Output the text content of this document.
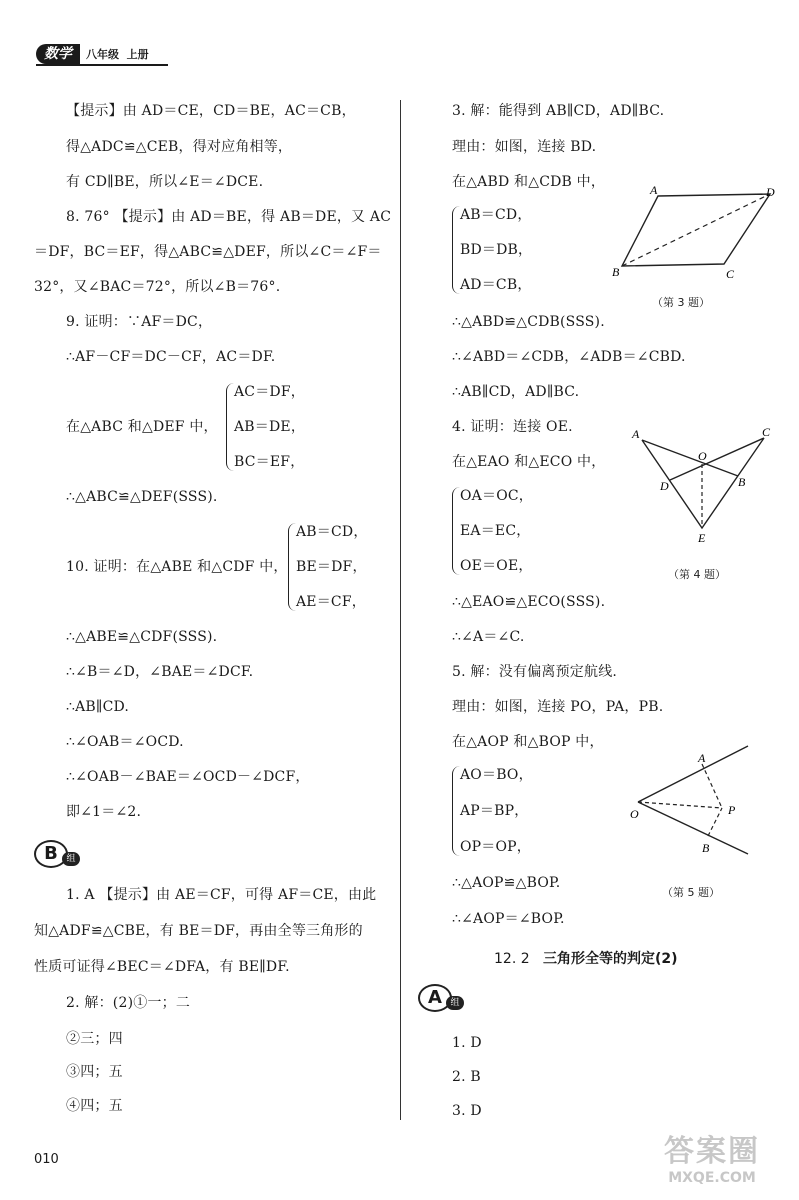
数学	八年级  上册
【提示】由 AD＝CE，CD＝BE，AC＝CB，
得△ADC≌△CEB，得对应角相等，
有 CD∥BE，所以∠E＝∠DCE.
8. 76° 【提示】由 AD＝BE，得 AB＝DE，又 AC
＝DF，BC＝EF，得△ABC≌△DEF，所以∠C＝∠F＝
32°，又∠BAC＝72°，所以∠B＝76°.
9. 证明：∵AF＝DC，
∴AF－CF＝DC－CF，AC＝DF.
在△ABC 和△DEF 中，
AC＝DF，
AB＝DE，
BC＝EF，
∴△ABC≌△DEF(SSS).
AB＝CD，
10. 证明：在△ABE 和△CDF 中， BE＝DF，
AE＝CF，
∴△ABE≌△CDF(SSS).
∴∠B＝∠D，∠BAE＝∠DCF.
∴AB∥CD.
∴∠OAB＝∠OCD.
∴∠OAB－∠BAE＝∠OCD－∠DCF，
即∠1＝∠2.
B 组
1. A 【提示】由 AE＝CF，可得 AF＝CE，由此
知△ADF≌△CBE，有 BE＝DF，再由全等三角形的
性质可证得∠BEC＝∠DFA，有 BE∥DF.
2. 解：(2)①一；二
②三；四
③四；五
④四；五
3. 解：能得到 AB∥CD，AD∥BC.
理由：如图，连接 BD.
在△ABD 和△CDB 中，
AB＝CD，
BD＝DB，
AD＝CB，
∴△ABD≌△CDB(SSS).
∴∠ABD＝∠CDB，∠ADB＝∠CBD.
∴AB∥CD，AD∥BC.
A	D
C
B
（第 3 题）
4. 证明：连接 OE.
在△EAO 和△ECO 中，
OA＝OC，
EA＝EC，
OE＝OE，
∴△EAO≌△ECO(SSS).
∴∠A＝∠C.
A	C
O
D	B
E
（第 4 题）
5. 解：没有偏离预定航线.
理由：如图，连接 PO，PA，PB.
在△AOP 和△BOP 中，
AO＝BO，
AP＝BP，
OP＝OP，
∴△AOP≌△BOP.
∴∠AOP＝∠BOP.
A
O	P
B
（第 5 题）
12. 2 三角形全等的判定(2)
A 组
1. D
2. B
3. D
010	答案圈
MXQE.COM
